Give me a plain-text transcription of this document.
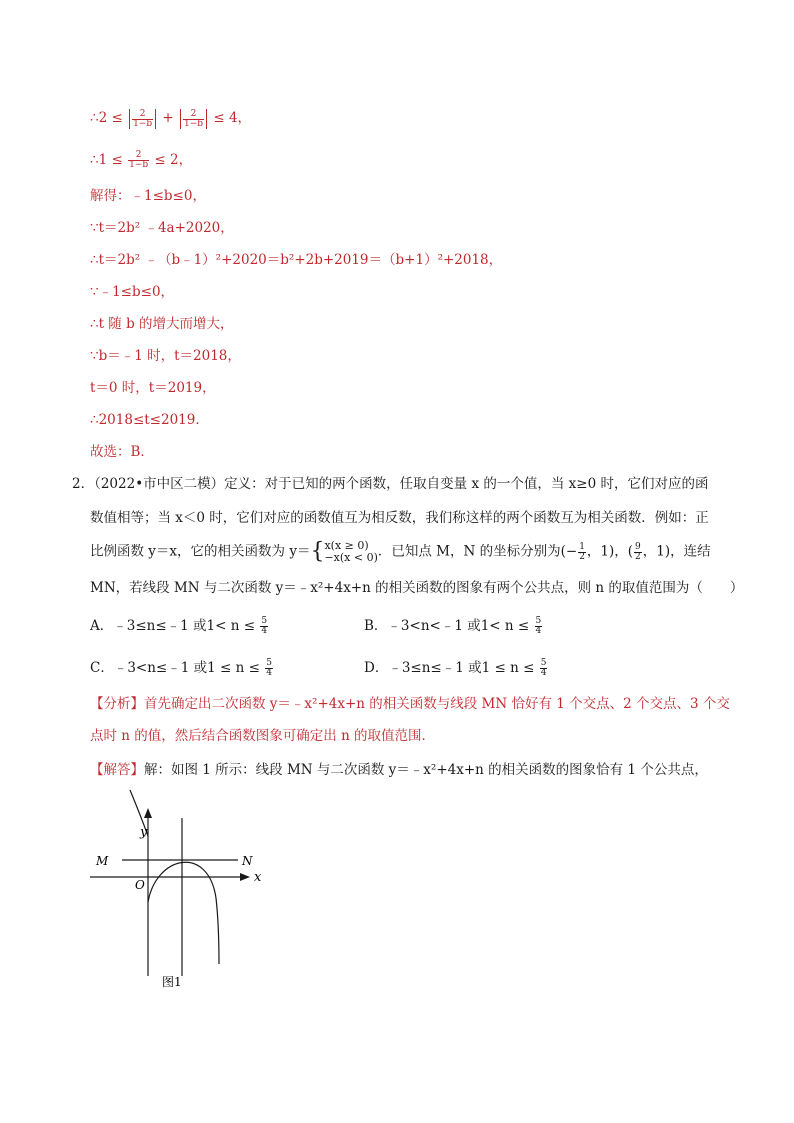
∴2 ≤ $\frac{2}{1-b} + \frac{2}{1-b} \le 4$，
∴1 ≤ $\frac{2}{1-b} \le 2$，
解得：﹣1≤b≤0，
∵t＝2b² ﹣4a+2020，
∴t＝2b² ﹣（b﹣1）²+2020＝b²+2b+2019＝（b+1）²+2018，
∵﹣1≤b≤0，
∴t 随 b 的增大而增大，
∵b＝﹣1 时，t＝2018，
t＝0 时，t＝2019，
∴2018≤t≤2019．
故选：B．
2．（2022•市中区二模）定义：对于已知的两个函数，任取自变量 x 的一个值，当 x≥0 时，它们对应的函
数值相等；当 x＜0 时，它们对应的函数值互为相反数，我们称这样的两个函数互为相关函数．例如：正
比例函数 y＝x，它的相关函数为 y＝{ x(x ≥ 0)
−x(x < 0) ．已知点 M，N 的坐标分别为(− $\frac{1}{2}$ ，1)，( $\frac{9}{2}$ ，1)，连结
MN，若线段 MN 与二次函数 y＝﹣x²+4x+n 的相关函数的图象有两个公共点，则 n 的取值范围为（　　）
A．﹣3≤n≤﹣1 或$1< n \le \frac{5}{4}$	B．﹣3<n<﹣1 或$1< n \le \frac{5}{4}$
C．﹣3<n≤﹣1 或$1 \le n \le \frac{5}{4}$	D．﹣3≤n≤﹣1 或$1 \le n \le \frac{5}{4}$
【分析】首先确定出二次函数 y＝﹣x²+4x+n 的相关函数与线段 MN 恰好有 1 个交点、2 个交点、3 个交
点时 n 的值，然后结合函数图象可确定出 n 的取值范围．
【解答】解：如图 1 所示：线段 MN 与二次函数 y＝﹣x²+4x+n 的相关函数的图象恰有 1 个公共点，
y
x
O
M	N
图1
